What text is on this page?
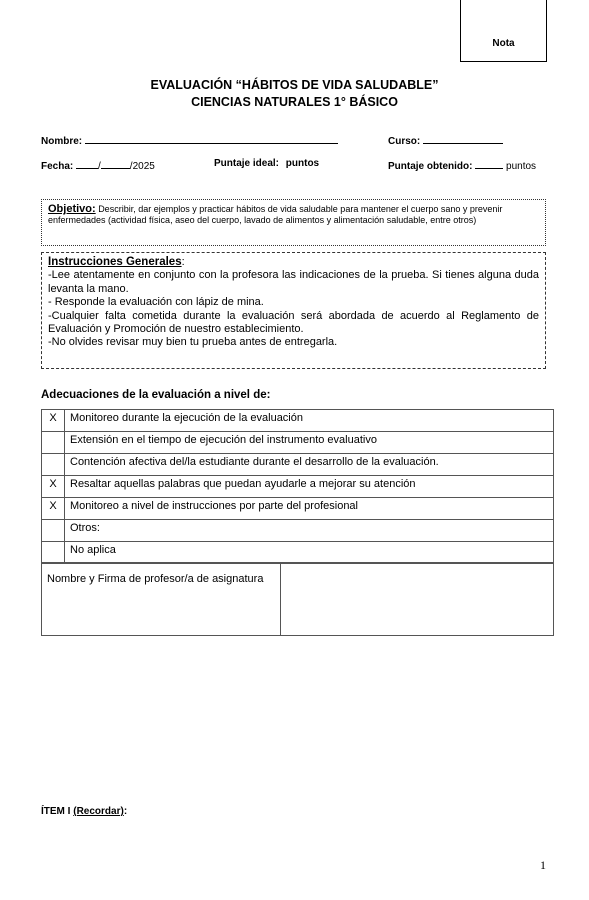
Nota
EVALUACIÓN “HÁBITOS DE VIDA SALUDABLE”
CIENCIAS NATURALES 1° BÁSICO
Nombre:	Curso:
Fecha: /	/2025	Puntaje ideal: puntos	Puntaje obtenido:	puntos
Objetivo: Describir, dar ejemplos y practicar hábitos de vida saludable para mantener el cuerpo sano y prevenir enfermedades (actividad física, aseo del cuerpo, lavado de alimentos y alimentación saludable, entre otros)

Instrucciones Generales:

-Lee atentamente en conjunto con la profesora las indicaciones de la prueba. Si tienes alguna duda levanta la mano.

- Responde la evaluación con lápiz de mina.

-Cualquier falta cometida durante la evaluación será abordada de acuerdo al Reglamento de Evaluación y Promoción de nuestro establecimiento.

-No olvides revisar muy bien tu prueba antes de entregarla.

Adecuaciones de la evaluación a nivel de:
X	Monitoreo durante la ejecución de la evaluación
	Extensión en el tiempo de ejecución del instrumento evaluativo
	Contención afectiva del/la estudiante durante el desarrollo de la evaluación.
X	Resaltar aquellas palabras que puedan ayudarle a mejorar su atención
X	Monitoreo a nivel de instrucciones por parte del profesional
	Otros:
	No aplica
Nombre y Firma de profesor/a de asignatura	
ÍTEM I (Recordar):
1
